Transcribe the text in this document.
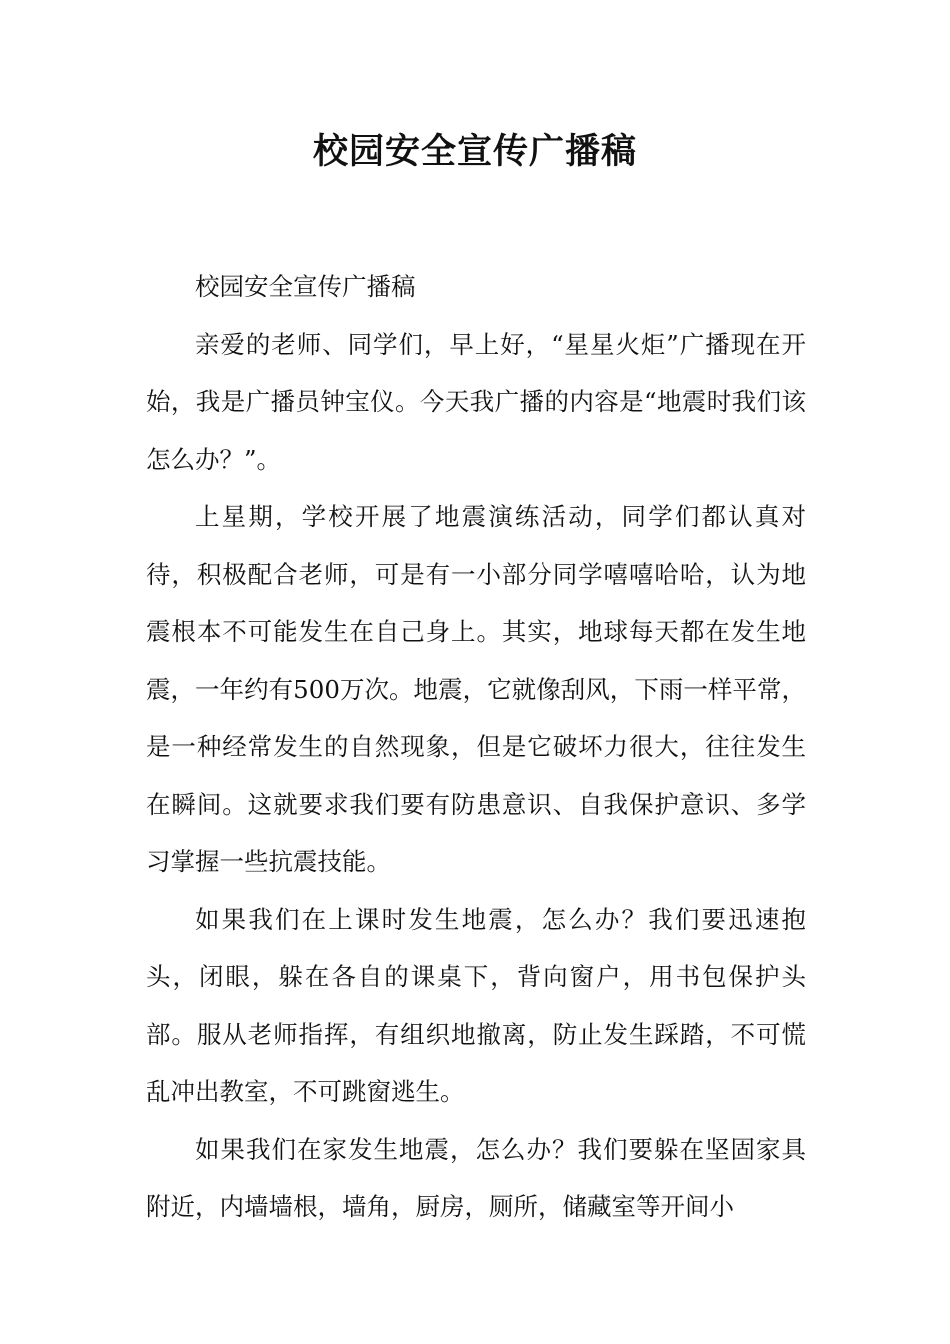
校园安全宣传广播稿

校园安全宣传广播稿

亲爱的老师、同学们，早上好，“星星火炬”广播现在开始，我是广播员钟宝仪。今天我广播的内容是“地震时我们该怎么办？”。

上星期，学校开展了地震演练活动，同学们都认真对待，积极配合老师，可是有一小部分同学嘻嘻哈哈，认为地震根本不可能发生在自己身上。其实，地球每天都在发生地震，一年约有500万次。地震，它就像刮风，下雨一样平常，是一种经常发生的自然现象，但是它破坏力很大，往往发生在瞬间。这就要求我们要有防患意识、自我保护意识、多学习掌握一些抗震技能。

如果我们在上课时发生地震，怎么办？我们要迅速抱头，闭眼，躲在各自的课桌下，背向窗户，用书包保护头部。服从老师指挥，有组织地撤离，防止发生踩踏，不可慌乱冲出教室，不可跳窗逃生。

如果我们在家发生地震，怎么办？我们要躲在坚固家具附近，内墙墙根，墙角，厨房，厕所，储藏室等开间小
